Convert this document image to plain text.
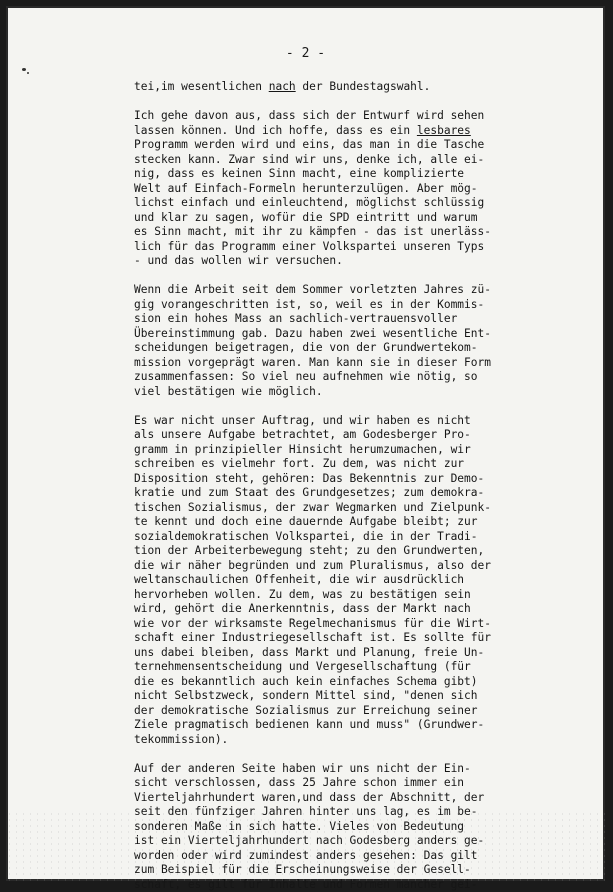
- 2 -
tei,im wesentlichen nach der Bundestagswahl.
Ich gehe davon aus, dass sich der Entwurf wird sehen
lassen können. Und ich hoffe, dass es ein lesbares
Programm werden wird und eins, das man in die Tasche
stecken kann. Zwar sind wir uns, denke ich, alle ei-
nig, dass es keinen Sinn macht, eine komplizierte
Welt auf Einfach-Formeln herunterzulügen. Aber mög-
lichst einfach und einleuchtend, möglichst schlüssig
und klar zu sagen, wofür die SPD eintritt und warum
es Sinn macht, mit ihr zu kämpfen - das ist unerläss-
lich für das Programm einer Volkspartei unseren Typs
- und das wollen wir versuchen.
Wenn die Arbeit seit dem Sommer vorletzten Jahres zü-
gig vorangeschritten ist, so, weil es in der Kommis-
sion ein hohes Mass an sachlich-vertrauensvoller
Übereinstimmung gab. Dazu haben zwei wesentliche Ent-
scheidungen beigetragen, die von der Grundwertekom-
mission vorgeprägt waren. Man kann sie in dieser Form
zusammenfassen: So viel neu aufnehmen wie nötig, so
viel bestätigen wie möglich.
Es war nicht unser Auftrag, und wir haben es nicht
als unsere Aufgabe betrachtet, am Godesberger Pro-
gramm in prinzipieller Hinsicht herumzumachen, wir
schreiben es vielmehr fort. Zu dem, was nicht zur
Disposition steht, gehören: Das Bekenntnis zur Demo-
kratie und zum Staat des Grundgesetzes; zum demokra-
tischen Sozialismus, der zwar Wegmarken und Zielpunk-
te kennt und doch eine dauernde Aufgabe bleibt; zur
sozialdemokratischen Volkspartei, die in der Tradi-
tion der Arbeiterbewegung steht; zu den Grundwerten,
die wir näher begründen und zum Pluralismus, also der
weltanschaulichen Offenheit, die wir ausdrücklich
hervorheben wollen. Zu dem, was zu bestätigen sein
wird, gehört die Anerkenntnis, dass der Markt nach
wie vor der wirksamste Regelmechanismus für die Wirt-
schaft einer Industriegesellschaft ist. Es sollte für
uns dabei bleiben, dass Markt und Planung, freie Un-
ternehmensentscheidung und Vergesellschaftung (für
die es bekanntlich auch kein einfaches Schema gibt)
nicht Selbstzweck, sondern Mittel sind, "denen sich
der demokratische Sozialismus zur Erreichung seiner
Ziele pragmatisch bedienen kann und muss" (Grundwer-
tekommission).
Auf der anderen Seite haben wir uns nicht der Ein-
sicht verschlossen, dass 25 Jahre schon immer ein
Vierteljahrhundert waren,und dass der Abschnitt, der
seit den fünfziger Jahren hinter uns lag, es im be-
sonderen Maße in sich hatte. Vieles von Bedeutung
ist ein Vierteljahrhundert nach Godesberg anders ge-
worden oder wird zumindest anders gesehen: Das gilt
zum Beispiel für die Erscheinungsweise der Gesell-
schaft, es gilt für Inhalte und Formen mancher gei-
